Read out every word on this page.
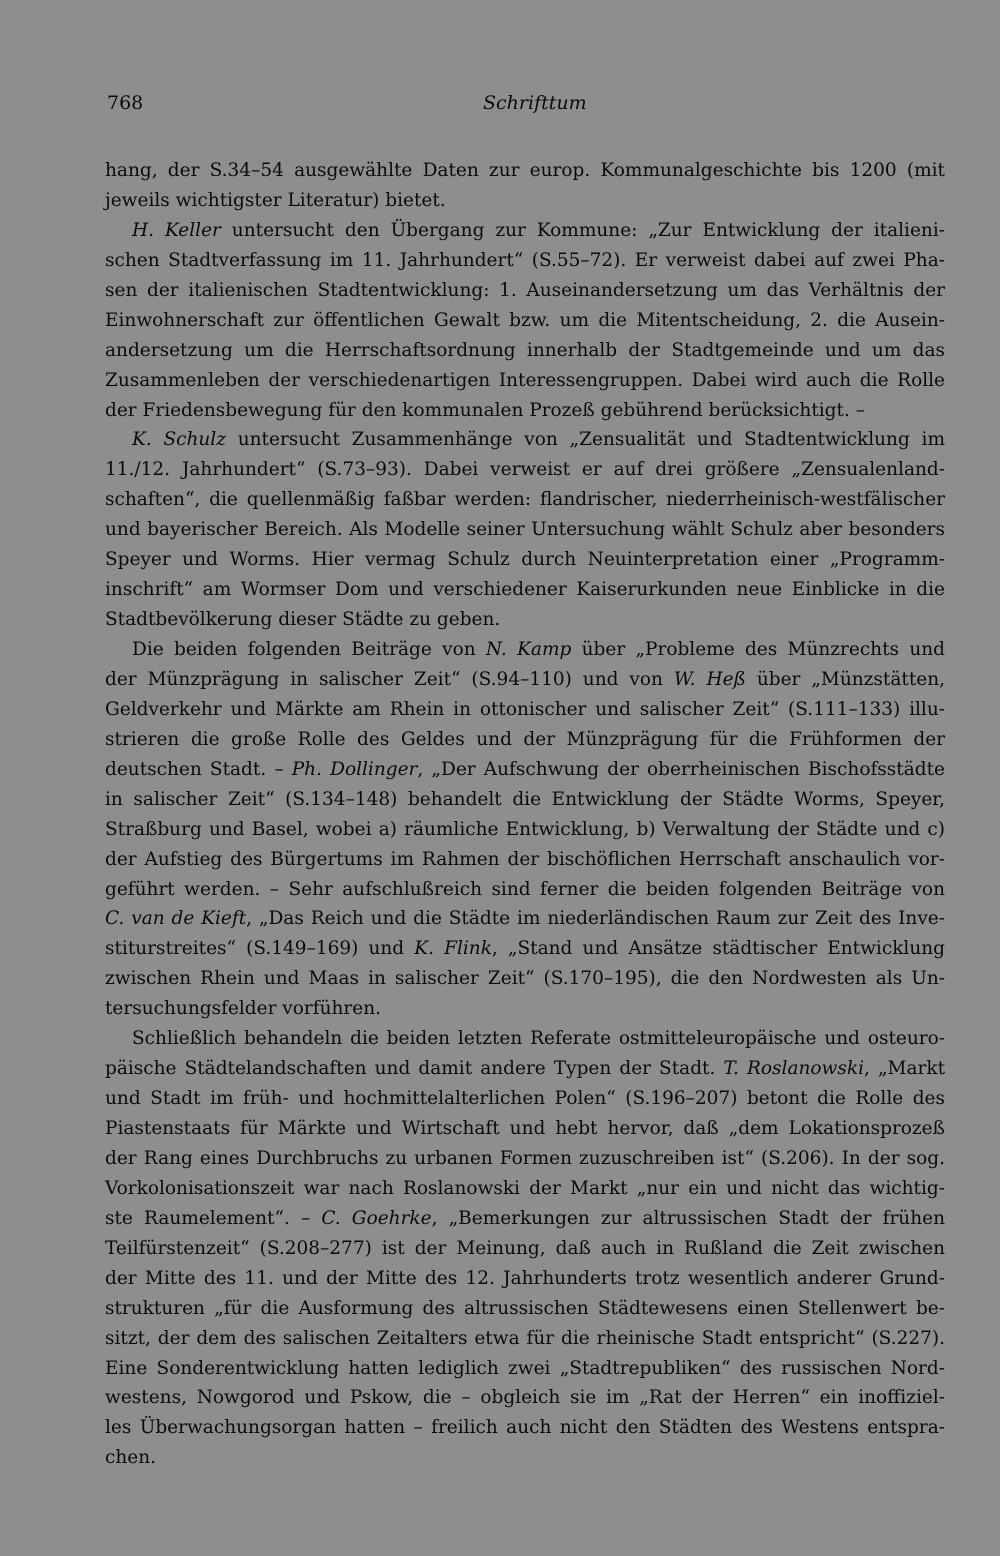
768	Schrifttum
hang, der S.34–54 ausgewählte Daten zur europ. Kommunalgeschichte bis 1200 (mit
jeweils wichtigster Literatur) bietet.
H. Keller untersucht den Übergang zur Kommune: „Zur Entwicklung der italieni-
schen Stadtverfassung im 11. Jahrhundert“ (S.55–72). Er verweist dabei auf zwei Pha-
sen der italienischen Stadtentwicklung: 1. Auseinandersetzung um das Verhältnis der
Einwohnerschaft zur öffentlichen Gewalt bzw. um die Mitentscheidung, 2. die Ausein-
andersetzung um die Herrschaftsordnung innerhalb der Stadtgemeinde und um das
Zusammenleben der verschiedenartigen Interessengruppen. Dabei wird auch die Rolle
der Friedensbewegung für den kommunalen Prozeß gebührend berücksichtigt. –
K. Schulz untersucht Zusammenhänge von „Zensualität und Stadtentwicklung im
11./12. Jahrhundert“ (S.73–93). Dabei verweist er auf drei größere „Zensualenland-
schaften“, die quellenmäßig faßbar werden: flandrischer, niederrheinisch-westfälischer
und bayerischer Bereich. Als Modelle seiner Untersuchung wählt Schulz aber besonders
Speyer und Worms. Hier vermag Schulz durch Neuinterpretation einer „Programm-
inschrift“ am Wormser Dom und verschiedener Kaiserurkunden neue Einblicke in die
Stadtbevölkerung dieser Städte zu geben.
Die beiden folgenden Beiträge von N. Kamp über „Probleme des Münzrechts und
der Münzprägung in salischer Zeit“ (S.94–110) und von W. Heß über „Münzstätten,
Geldverkehr und Märkte am Rhein in ottonischer und salischer Zeit“ (S.111–133) illu-
strieren die große Rolle des Geldes und der Münzprägung für die Frühformen der
deutschen Stadt. – Ph. Dollinger, „Der Aufschwung der oberrheinischen Bischofsstädte
in salischer Zeit“ (S.134–148) behandelt die Entwicklung der Städte Worms, Speyer,
Straßburg und Basel, wobei a) räumliche Entwicklung, b) Verwaltung der Städte und c)
der Aufstieg des Bürgertums im Rahmen der bischöflichen Herrschaft anschaulich vor-
geführt werden. – Sehr aufschlußreich sind ferner die beiden folgenden Beiträge von
C. van de Kieft, „Das Reich und die Städte im niederländischen Raum zur Zeit des Inve-
stiturstreites“ (S.149–169) und K. Flink, „Stand und Ansätze städtischer Entwicklung
zwischen Rhein und Maas in salischer Zeit“ (S.170–195), die den Nordwesten als Un-
tersuchungsfelder vorführen.
Schließlich behandeln die beiden letzten Referate ostmitteleuropäische und osteuro-
päische Städtelandschaften und damit andere Typen der Stadt. T. Roslanowski, „Markt
und Stadt im früh- und hochmittelalterlichen Polen“ (S.196–207) betont die Rolle des
Piastenstaats für Märkte und Wirtschaft und hebt hervor, daß „dem Lokationsprozeß
der Rang eines Durchbruchs zu urbanen Formen zuzuschreiben ist“ (S.206). In der sog.
Vorkolonisationszeit war nach Roslanowski der Markt „nur ein und nicht das wichtig-
ste Raumelement“. – C. Goehrke, „Bemerkungen zur altrussischen Stadt der frühen
Teilfürstenzeit“ (S.208–277) ist der Meinung, daß auch in Rußland die Zeit zwischen
der Mitte des 11. und der Mitte des 12. Jahrhunderts trotz wesentlich anderer Grund-
strukturen „für die Ausformung des altrussischen Städtewesens einen Stellenwert be-
sitzt, der dem des salischen Zeitalters etwa für die rheinische Stadt entspricht“ (S.227).
Eine Sonderentwicklung hatten lediglich zwei „Stadtrepubliken“ des russischen Nord-
westens, Nowgorod und Pskow, die – obgleich sie im „Rat der Herren“ ein inoffiziel-
les Überwachungsorgan hatten – freilich auch nicht den Städten des Westens entspra-
chen.
